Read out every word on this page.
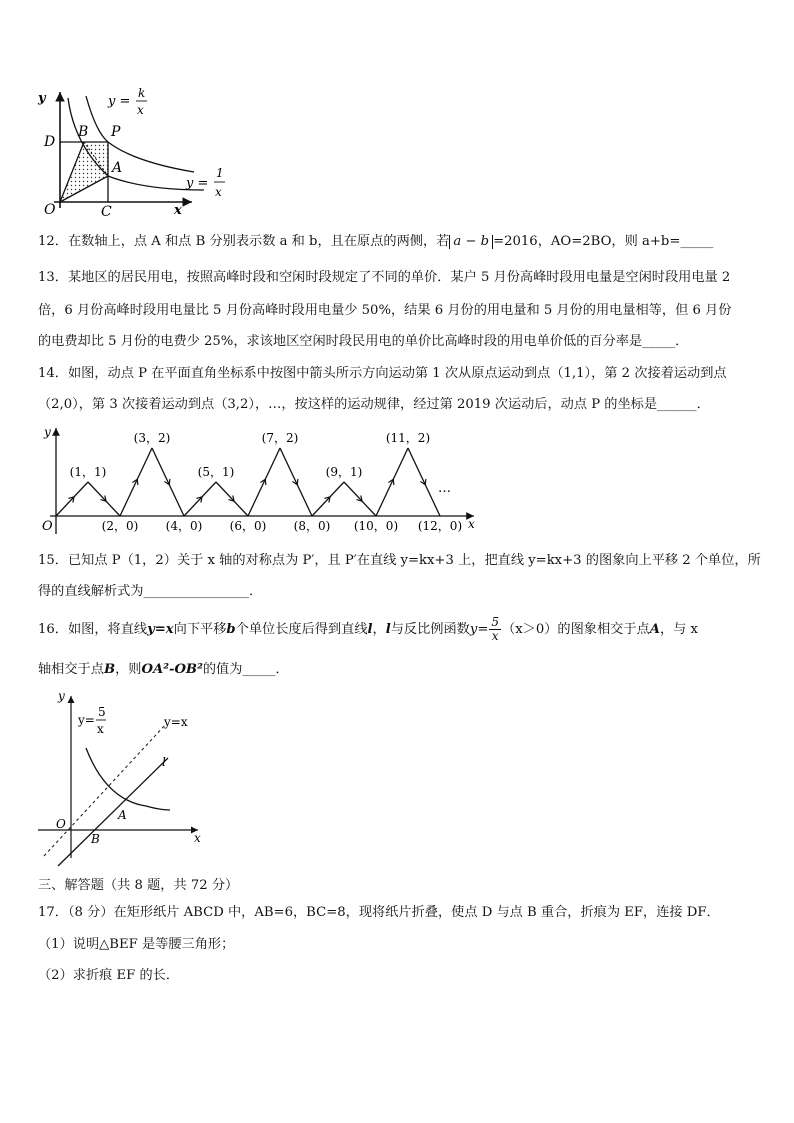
y
x
O
D
B P
A
C
y =
k
x
y =
1
x
12．在数轴上，点 A 和点 B 分别表示数 a 和 b，且在原点的两侧，若 a − b =2016，AO=2BO，则 a+b=_____
13．某地区的居民用电，按照高峰时段和空闲时段规定了不同的单价．某户 5 月份高峰时段用电量是空闲时段用电量 2
倍，6 月份高峰时段用电量比 5 月份高峰时段用电量少 50%，结果 6 月份的用电量和 5 月份的用电量相等，但 6 月份
的电费却比 5 月份的电费少 25%，求该地区空闲时段民用电的单价比高峰时段的用电单价低的百分率是_____．
14．如图，动点 P 在平面直角坐标系中按图中箭头所示方向运动第 1 次从原点运动到点（1,1），第 2 次接着运动到点
（2,0），第 3 次接着运动到点（3,2），…，按这样的运动规律，经过第 2019 次运动后，动点 P 的坐标是______．
y
x
O
…
(1，1)
(2，0)
(3，2)
(4，0)
(5，1)
(6，0)
(7，2)
(8，0)
(9，1)
(10，0)
(11，2)
(12，0)
15．已知点 P（1，2）关于 x 轴的对称点为 P′，且 P′在直线 y=kx+3 上，把直线 y=kx+3 的图象向上平移 2 个单位，所
得的直线解析式为________________．
16．如图，将直线y=x向下平移b个单位长度后得到直线l，l与反比例函数$y= \frac{5}{x} (x>0)$的图象相交于点A，与 x
轴相交于点B，则OA²-OB²的值为_____．
y
x
O
A
B
l
y=x
y=
5
x
三、解答题（共 8 题，共 72 分）
17．（8 分）在矩形纸片 ABCD 中，AB=6，BC=8，现将纸片折叠，使点 D 与点 B 重合，折痕为 EF，连接 DF．
（1）说明△BEF 是等腰三角形；
（2）求折痕 EF 的长．
